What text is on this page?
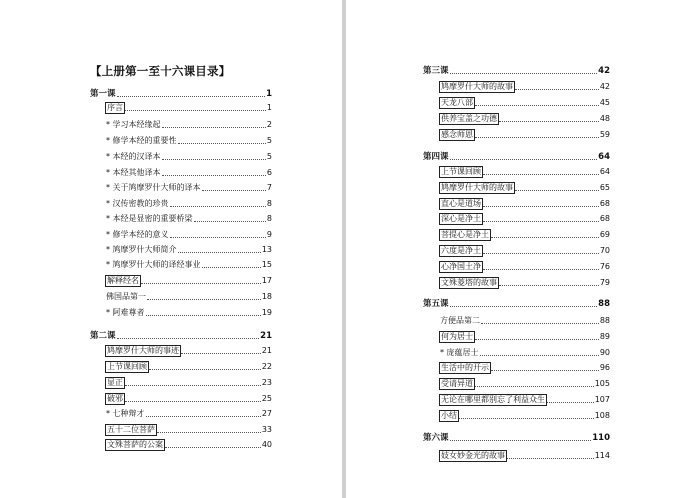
【上册第一至十六课目录】
第一课	1
序言	1
* 学习本经缘起	2
* 修学本经的重要性	5
* 本经的汉译本	5
* 本经其他译本	6
* 关于鸠摩罗什大师的译本	7
* 汉传密教的珍贵	8
* 本经是显密的重要桥梁	8
* 修学本经的意义	9
* 鸠摩罗什大师简介	13
* 鸠摩罗什大师的译经事业	15
解释经名	17
佛国品第一	18
* 阿难尊者	19
第二课	21
鸠摩罗什大师的事迹	21
上节课回顾	22
显正	23
破邪	25
* 七种辩才	27
五十二位菩萨	33
文殊菩萨的公案	40
第三课	42
鸠摩罗什大师的故事	42
天龙八部	45
供养宝盖之功德	48
感念师恩	59
第四课	64
上节课回顾	64
鸠摩罗什大师的故事	65
直心是道场	68
深心是净土	68
菩提心是净土	69
六度是净土	70
心净国土净	76
文殊菱塔的故事	79
第五课	88
方便品第二	88
何为居士	89
* 庞蕴居士	90
生活中的开示	96
受请异道	105
无论在哪里都别忘了利益众生	107
小结	108
第六课	110
妓女妙金光的故事	114
